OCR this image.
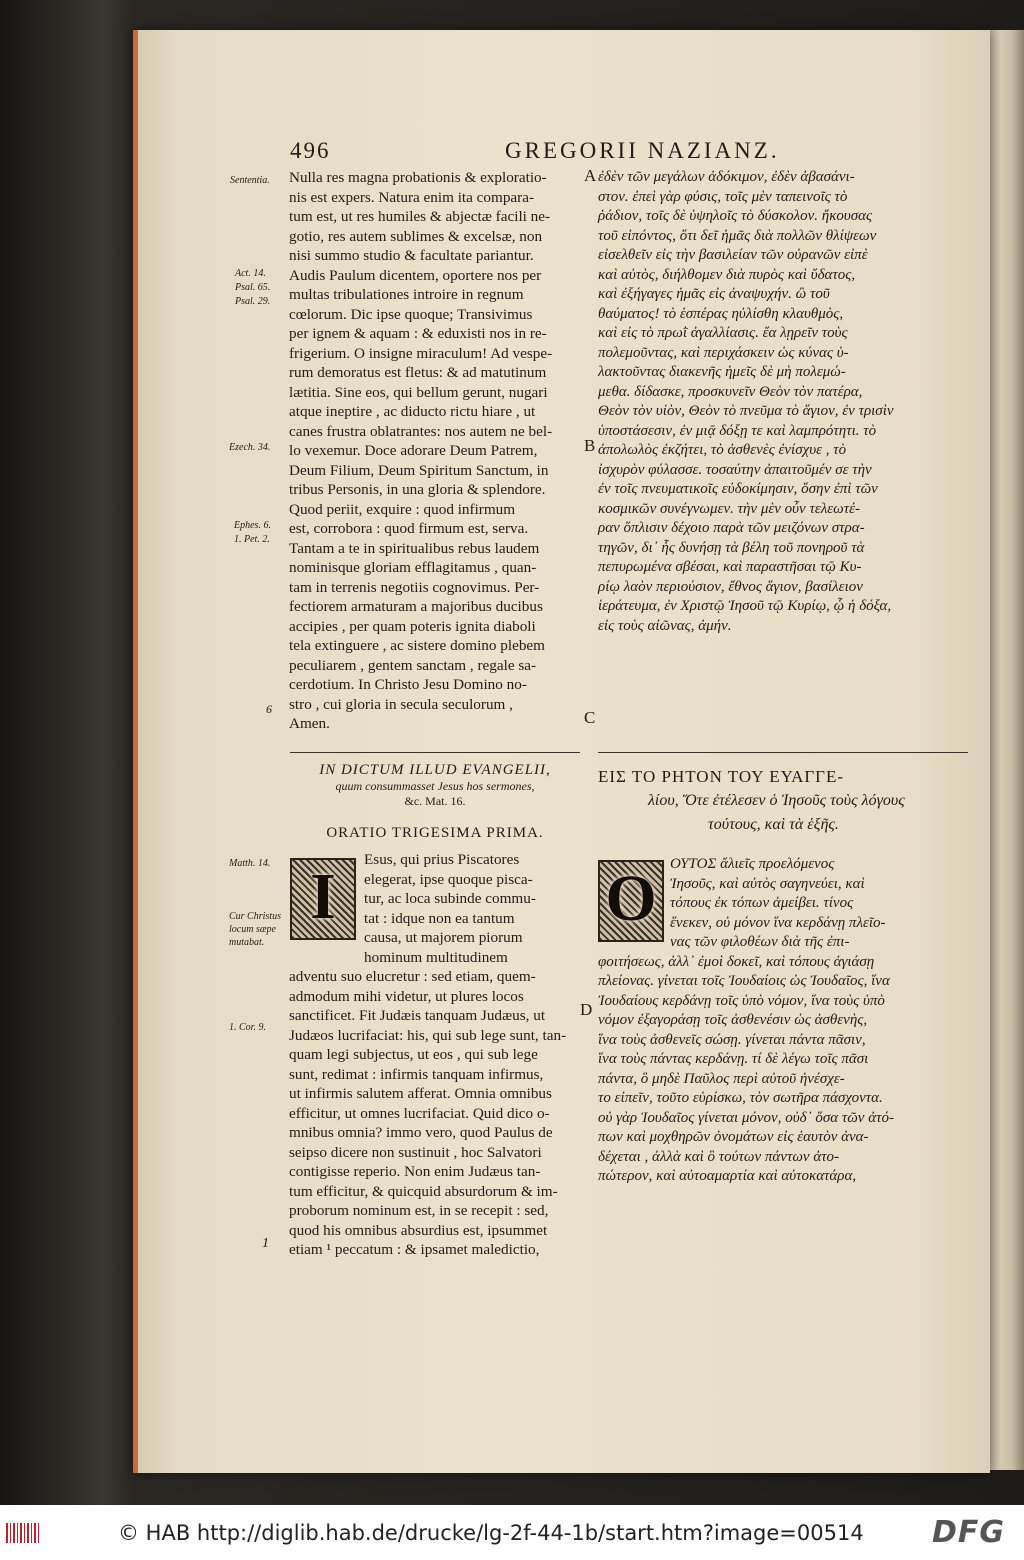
496	GREGORII NAZIANZ.
Sententia.
Act. 14.
Psal. 65.
Psal. 29.
Ezech. 34.
Ephes. 6.
1. Pet. 2.
6
A
B
C
D
Nulla res magna probationis & exploratio-
nis est expers. Natura enim ita compara-
tum est, ut res humiles & abjectæ facili ne-
gotio, res autem sublimes & excelsæ, non
nisi summo studio & facultate pariantur.
Audis Paulum dicentem, oportere nos per
multas tribulationes introire in regnum
cœlorum. Dic ipse quoque; Transivimus
per ignem & aquam : & eduxisti nos in re-
frigerium. O insigne miraculum! Ad vespe-
rum demoratus est fletus: & ad matutinum
lætitia. Sine eos, qui bellum gerunt, nugari
atque ineptire , ac diducto rictu hiare , ut
canes frustra oblatrantes: nos autem ne bel-
lo vexemur. Doce adorare Deum Patrem,
Deum Filium, Deum Spiritum Sanctum, in
tribus Personis, in una gloria & splendore.
Quod periit, exquire : quod infirmum
est, corrobora : quod firmum est, serva.
Tantam a te in spiritualibus rebus laudem
nominisque gloriam efflagitamus , quan-
tam in terrenis negotiis cognovimus. Per-
fectiorem armaturam a majoribus ducibus
accipies , per quam poteris ignita diaboli
tela extinguere , ac sistere domino plebem
peculiarem , gentem sanctam , regale sa-
cerdotium. In Christo Jesu Domino no-
stro , cui gloria in secula seculorum ,
Amen.
ἐδὲν τῶν μεγάλων ἀδόκιμον, ἐδὲν ἀβασάνι-
στον. ἐπεὶ γὰρ φύσις, τοῖς μὲν ταπεινοῖς τὸ
ῥάδιον, τοῖς δὲ ὑψηλοῖς τὸ δύσκολον. ἤκουσας
τοῦ εἰπόντος, ὅτι δεῖ ἡμᾶς διὰ πολλῶν θλίψεων
εἰσελθεῖν εἰς τὴν βασιλείαν τῶν οὐρανῶν εἰπὲ
καὶ αὐτὸς, διήλθομεν διὰ πυρὸς καὶ ὕδατος,
καὶ ἐξήγαγες ἡμᾶς εἰς ἀναψυχήν. ὢ τοῦ
θαύματος! τὸ ἑσπέρας ηὐλίσθη κλαυθμὸς,
καὶ εἰς τὸ πρωῒ ἀγαλλίασις. ἔα λῃρεῖν τοὺς
πολεμοῦντας, καὶ περιχάσκειν ὡς κύνας ὑ-
λακτοῦντας διακενῆς ἡμεῖς δὲ μὴ πολεμώ-
μεθα. δίδασκε, προσκυνεῖν Θεὸν τὸν πατέρα,
Θεὸν τὸν υἱὸν, Θεὸν τὸ πνεῦμα τὸ ἅγιον, ἐν τρισὶν
ὑποστάσεσιν, ἐν μιᾷ δόξῃ τε καὶ λαμπρότητι. τὸ
ἀπολωλὸς ἐκζήτει, τὸ ἀσθενὲς ἐνίσχυε , τὸ
ἰσχυρὸν φύλασσε. τοσαύτην ἀπαιτοῦμέν σε τὴν
ἐν τοῖς πνευματικοῖς εὐδοκίμησιν, ὅσην ἐπὶ τῶν
κοσμικῶν συνέγνωμεν. τὴν μὲν οὖν τελεωτέ-
ραν ὅπλισιν δέχοιο παρὰ τῶν μειζόνων στρα-
τηγῶν, δι᾽ ἧς δυνήσῃ τὰ βέλη τοῦ πονηροῦ τὰ
πεπυρωμένα σβέσαι, καὶ παραστῆσαι τῷ Κυ-
ρίῳ λαὸν περιούσιον, ἔθνος ἅγιον, βασίλειον
ἱεράτευμα, ἐν Χριστῷ Ἰησοῦ τῷ Κυρίῳ, ᾧ ἡ δόξα,
εἰς τοὺς αἰῶνας, ἀμήν.
IN DICTUM ILLUD EVANGELII,
quum consummasset Jesus hos sermones,
&c. Mat. 16.
ORATIO TRIGESIMA PRIMA.
ΕΙΣ ΤΟ ΡΗΤΟΝ ΤΟΥ ΕΥΑΓΓΕ-
λίου, Ὅτε ἐτέλεσεν ὁ Ἰησοῦς τοὺς λόγους
τούτους, καὶ τὰ ἑξῆς.
Matth. 14.
Cur Christus
locum sæpe
mutabat.
1. Cor. 9.
1
I	O
Esus, qui prius Piscatores
elegerat, ipse quoque pisca-
tur, ac loca subinde commu-
tat : idque non ea tantum
causa, ut majorem piorum
hominum multitudinem
adventu suo elucretur : sed etiam, quem-
admodum mihi videtur, ut plures locos
sanctificet. Fit Judæis tanquam Judæus, ut
Judæos lucrifaciat: his, qui sub lege sunt, tan-
quam legi subjectus, ut eos , qui sub lege
sunt, redimat : infirmis tanquam infirmus,
ut infirmis salutem afferat. Omnia omnibus
efficitur, ut omnes lucrifaciat. Quid dico o-
mnibus omnia? immo vero, quod Paulus de
seipso dicere non sustinuit , hoc Salvatori
contigisse reperio. Non enim Judæus tan-
tum efficitur, & quicquid absurdorum & im-
proborum nominum est, in se recepit : sed,
quod his omnibus absurdius est, ipsummet
etiam ¹ peccatum : & ipsamet maledictio,
ΟΥΤΟΣ ἄλιεῖς προελόμενος
Ἰησοῦς, καὶ αὐτὸς σαγηνεύει, καὶ
τόπους ἐκ τόπων ἀμείβει. τίνος
ἕνεκεν, οὐ μόνον ἵνα κερδάνῃ πλεῖο-
νας τῶν φιλοθέων διὰ τῆς ἐπι-
φοιτήσεως, ἀλλ᾽ ἐμοὶ δοκεῖ, καὶ τόπους ἁγιάσῃ
πλείονας. γίνεται τοῖς Ἰουδαίοις ὡς Ἰουδαῖος, ἵνα
Ἰουδαίους κερδάνῃ τοῖς ὑπὸ νόμον, ἵνα τοὺς ὑπὸ
νόμον ἐξαγοράσῃ τοῖς ἀσθενέσιν ὡς ἀσθενὴς,
ἵνα τοὺς ἀσθενεῖς σώσῃ. γίνεται πάντα πᾶσιν,
ἵνα τοὺς πάντας κερδάνῃ. τί δὲ λέγω τοῖς πᾶσι
πάντα, ὃ μηδὲ Παῦλος περὶ αὐτοῦ ἠνέσχε-
το εἰπεῖν, τοῦτο εὑρίσκω, τὸν σωτῆρα πάσχοντα.
οὐ γὰρ Ἰουδαῖος γίνεται μόνον, οὐδ᾽ ὅσα τῶν ἀτό-
πων καὶ μοχθηρῶν ὀνομάτων εἰς ἑαυτὸν ἀνα-
δέχεται , ἀλλὰ καὶ ὃ τούτων πάντων ἀτο-
πώτερον, καὶ αὐτοαμαρτία καὶ αὐτοκατάρα,
© HAB http://diglib.hab.de/drucke/lg-2f-44-1b/start.htm?image=00514 DFG
